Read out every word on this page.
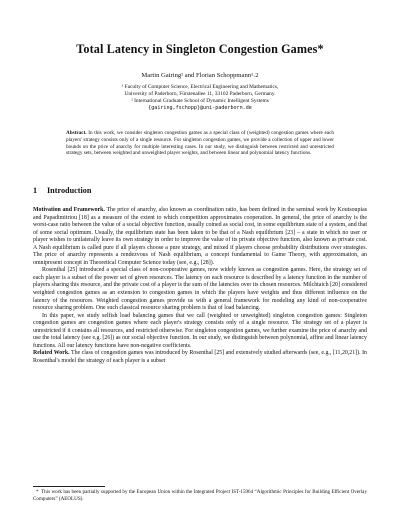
Total Latency in Singleton Congestion Games*
Martin Gairing¹ and Florian Schoppmann¹˒2
¹ Faculty of Computer Science, Electrical Engineering and Mathematics,
University of Paderborn, Fürstenallee 11, 33102 Paderborn, Germany.
² International Graduate School of Dynamic Intelligent Systems
{gairing,fschopp}@uni-paderborn.de
Abstract. In this work, we consider singleton congestion games as a special class of (weighted) congestion games where each players' strategy consists only of a single resource. For singleton congestion games, we provide a collection of upper and lower bounds on the price of anarchy for multiple interesting cases. In our study, we distinguish between restricted and unrestricted strategy sets, between weighted and unweighted player weights, and between linear and polynomial latency functions.
1 Introduction

Motivation and Framework. The price of anarchy, also known as coordination ratio, has been defined in the seminal work by Koutsoupias and Papadimitriou [18] as a measure of the extent to which competition approximates cooperation. In general, the price of anarchy is the worst-case ratio between the value of a social objective function, usually coined as social cost, in some equilibrium state of a system, and that of some social optimum. Usually, the equilibrium state has been taken to be that of a Nash equilibrium [23] – a state in which no user or player wishes to unilaterally leave its own strategy in order to improve the value of its private objective function, also known as private cost. A Nash equilibrium is called pure if all players choose a pure strategy, and mixed if players choose probability distributions over strategies. The price of anarchy represents a rendezvous of Nash equilibrium, a concept fundamental to Game Theory, with approximation, an omnipresent concept in Theoretical Computer Science today (see, e.g., [28]).

Rosenthal [25] introduced a special class of non-cooperative games, now widely known as congestion games. Here, the strategy set of each player is a subset of the power set of given resources. The latency on each resource is described by a latency function in the number of players sharing this resource, and the private cost of a player is the sum of the latencies over its chosen resources. Milchtaich [20] considered weighted congestion games as an extension to congestion games in which the players have weights and thus different influence on the latency of the resources. Weighted congestion games provide us with a general framework for modeling any kind of non-cooperative resource sharing problem. One such classical resource sharing problem is that of load balancing.

In this paper, we study selfish load balancing games that we call (weighted or unweighted) singleton congestion games: Singleton congestion games are congestion games where each player's strategy consists only of a single resource. The strategy set of a player is unrestricted if it contains all resources, and restricted otherwise. For singleton congestion games, we further examine the price of anarchy and use the total latency (see e.g. [26]) as our social objective function. In our study, we distinguish between polynomial, affine and linear latency functions. All our latency functions have non-negative coefficients.

Related Work. The class of congestion games was introduced by Rosenthal [25] and extensively studied afterwards (see, e.g., [11,20,21]). In Rosenthal's model the strategy of each player is a subset

* This work has been partially supported by the European Union within the Integrated Project IST-15964 “Algorithmic Principles for Building Efficient Overlay Computers” (AEOLUS).
